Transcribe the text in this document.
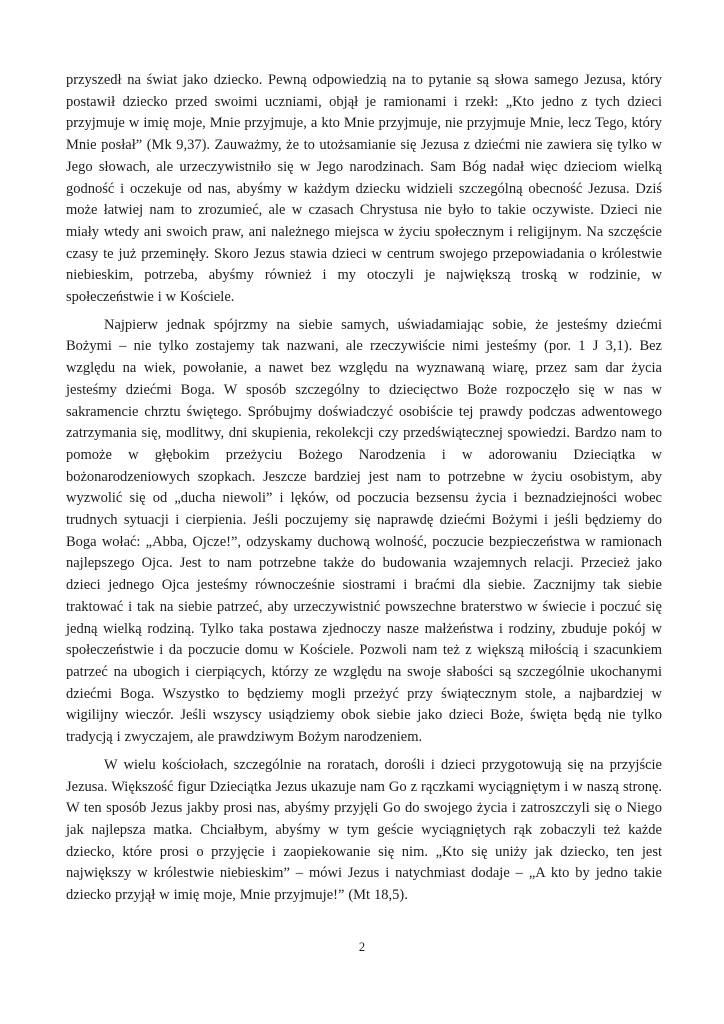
przyszedł na świat jako dziecko. Pewną odpowiedzią na to pytanie są słowa samego Jezusa, który postawił dziecko przed swoimi uczniami, objął je ramionami i rzekł: „Kto jedno z tych dzieci przyjmuje w imię moje, Mnie przyjmuje, a kto Mnie przyjmuje, nie przyjmuje Mnie, lecz Tego, który Mnie posłał” (Mk 9,37). Zauważmy, że to utożsamianie się Jezusa z dziećmi nie zawiera się tylko w Jego słowach, ale urzeczywistniło się w Jego narodzinach. Sam Bóg nadał więc dzieciom wielką godność i oczekuje od nas, abyśmy w każdym dziecku widzieli szczególną obecność Jezusa. Dziś może łatwiej nam to zrozumieć, ale w czasach Chrystusa nie było to takie oczywiste. Dzieci nie miały wtedy ani swoich praw, ani należnego miejsca w życiu społecznym i religijnym. Na szczęście czasy te już przeminęły. Skoro Jezus stawia dzieci w centrum swojego przepowiadania o królestwie niebieskim, potrzeba, abyśmy również i my otoczyli je największą troską w rodzinie, w społeczeństwie i w Kościele.

Najpierw jednak spójrzmy na siebie samych, uświadamiając sobie, że jesteśmy dziećmi Bożymi – nie tylko zostajemy tak nazwani, ale rzeczywiście nimi jesteśmy (por. 1 J 3,1). Bez względu na wiek, powołanie, a nawet bez względu na wyznawaną wiarę, przez sam dar życia jesteśmy dziećmi Boga. W sposób szczególny to dziecięctwo Boże rozpoczęło się w nas w sakramencie chrztu świętego. Spróbujmy doświadczyć osobiście tej prawdy podczas adwentowego zatrzymania się, modlitwy, dni skupienia, rekolekcji czy przedświątecznej spowiedzi. Bardzo nam to pomoże w głębokim przeżyciu Bożego Narodzenia i w adorowaniu Dzieciątka w bożonarodzeniowych szopkach. Jeszcze bardziej jest nam to potrzebne w życiu osobistym, aby wyzwolić się od „ducha niewoli” i lęków, od poczucia bezsensu życia i beznadziejności wobec trudnych sytuacji i cierpienia. Jeśli poczujemy się naprawdę dziećmi Bożymi i jeśli będziemy do Boga wołać: „Abba, Ojcze!”, odzyskamy duchową wolność, poczucie bezpieczeństwa w ramionach najlepszego Ojca. Jest to nam potrzebne także do budowania wzajemnych relacji. Przecież jako dzieci jednego Ojca jesteśmy równocześnie siostrami i braćmi dla siebie. Zacznijmy tak siebie traktować i tak na siebie patrzeć, aby urzeczywistnić powszechne braterstwo w świecie i poczuć się jedną wielką rodziną. Tylko taka postawa zjednoczy nasze małżeństwa i rodziny, zbuduje pokój w społeczeństwie i da poczucie domu w Kościele. Pozwoli nam też z większą miłością i szacunkiem patrzeć na ubogich i cierpiących, którzy ze względu na swoje słabości są szczególnie ukochanymi dziećmi Boga. Wszystko to będziemy mogli przeżyć przy świątecznym stole, a najbardziej w wigilijny wieczór. Jeśli wszyscy usiądziemy obok siebie jako dzieci Boże, święta będą nie tylko tradycją i zwyczajem, ale prawdziwym Bożym narodzeniem.

W wielu kościołach, szczególnie na roratach, dorośli i dzieci przygotowują się na przyjście Jezusa. Większość figur Dzieciątka Jezus ukazuje nam Go z rączkami wyciągniętym i w naszą stronę. W ten sposób Jezus jakby prosi nas, abyśmy przyjęli Go do swojego życia i zatroszczyli się o Niego jak najlepsza matka. Chciałbym, abyśmy w tym geście wyciągniętych rąk zobaczyli też każde dziecko, które prosi o przyjęcie i zaopiekowanie się nim. „Kto się uniży jak dziecko, ten jest największy w królestwie niebieskim” – mówi Jezus i natychmiast dodaje – „A kto by jedno takie dziecko przyjął w imię moje, Mnie przyjmuje!” (Mt 18,5).

2
